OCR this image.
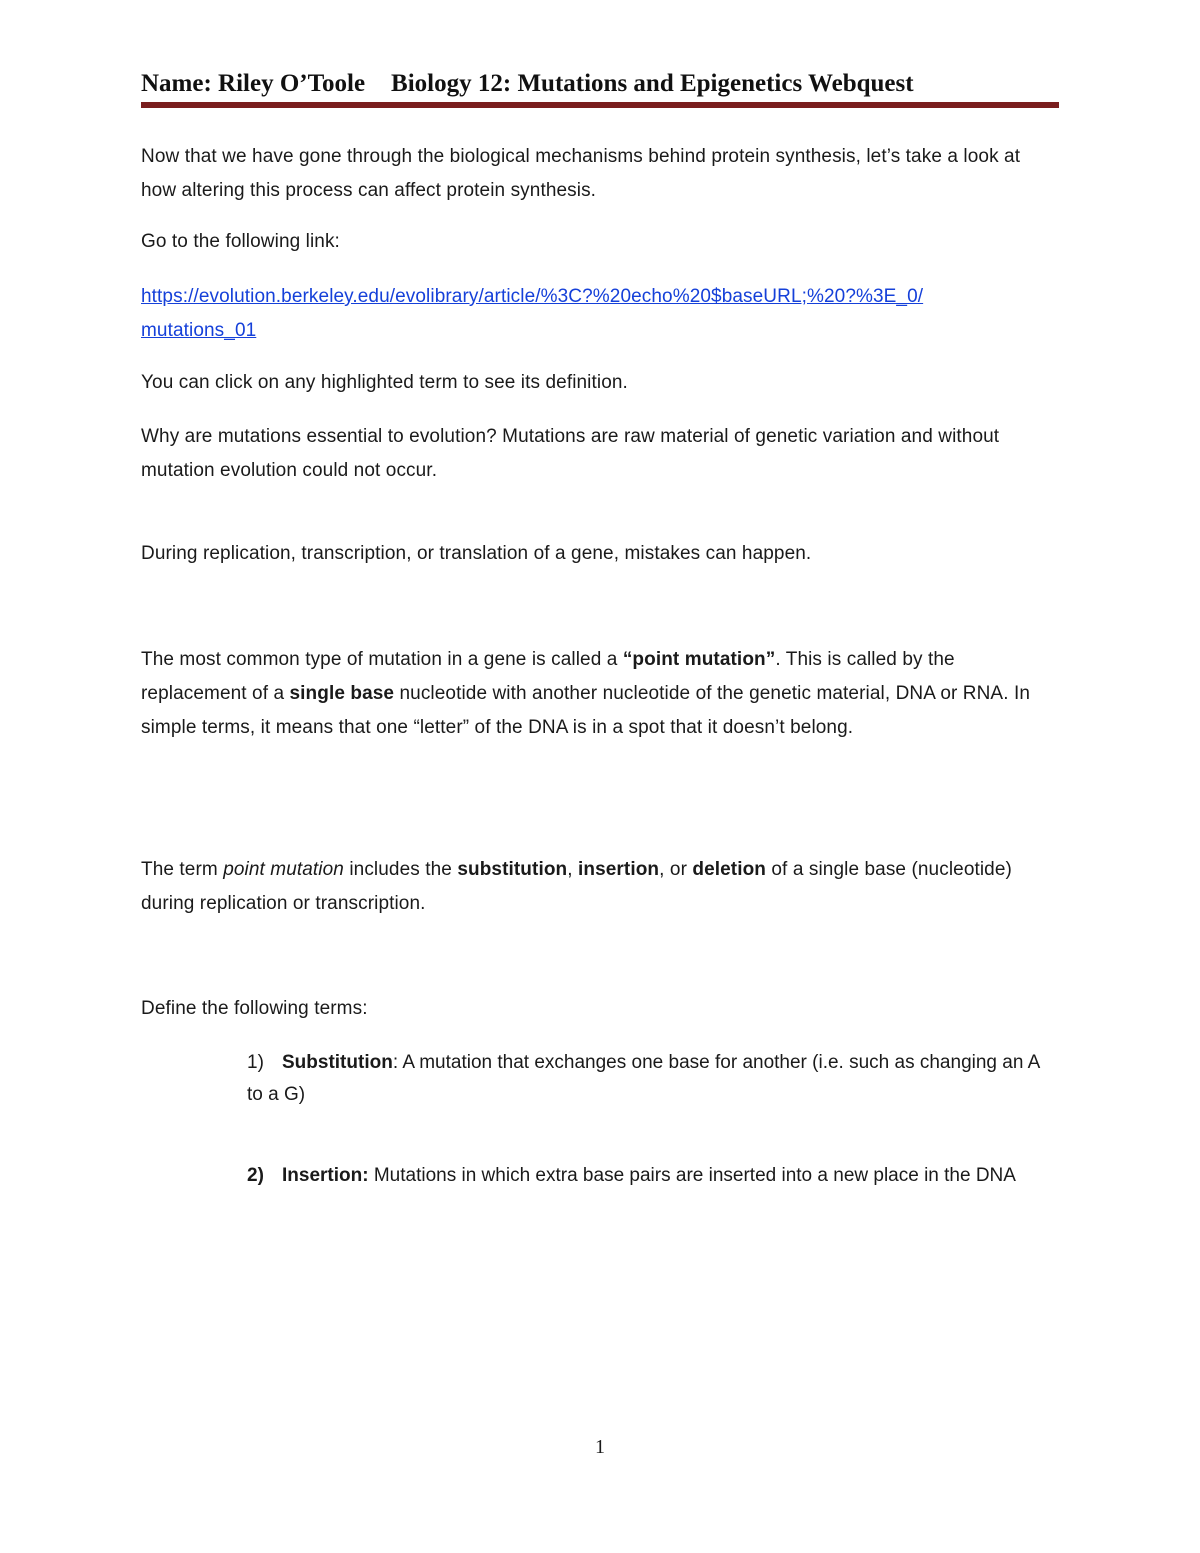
Name: Riley O’Toole Biology 12: Mutations and Epigenetics Webquest
Now that we have gone through the biological mechanisms behind protein synthesis, let’s take a look at how altering this process can affect protein synthesis.
Go to the following link:
https://evolution.berkeley.edu/evolibrary/article/%3C?%20echo%20$baseURL;%20?%3E_0/
mutations_01
You can click on any highlighted term to see its definition.
Why are mutations essential to evolution? Mutations are raw material of genetic variation and without mutation evolution could not occur.
During replication, transcription, or translation of a gene, mistakes can happen.
The most common type of mutation in a gene is called a “point mutation”. This is called by the replacement of a single base nucleotide with another nucleotide of the genetic material, DNA or RNA. In simple terms, it means that one “letter” of the DNA is in a spot that it doesn’t belong.
The term point mutation includes the substitution, insertion, or deletion of a single base (nucleotide) during replication or transcription.
Define the following terms:
1) Substitution: A mutation that exchanges one base for another (i.e. such as changing an A to a G)
2) Insertion: Mutations in which extra base pairs are inserted into a new place in the DNA
1
